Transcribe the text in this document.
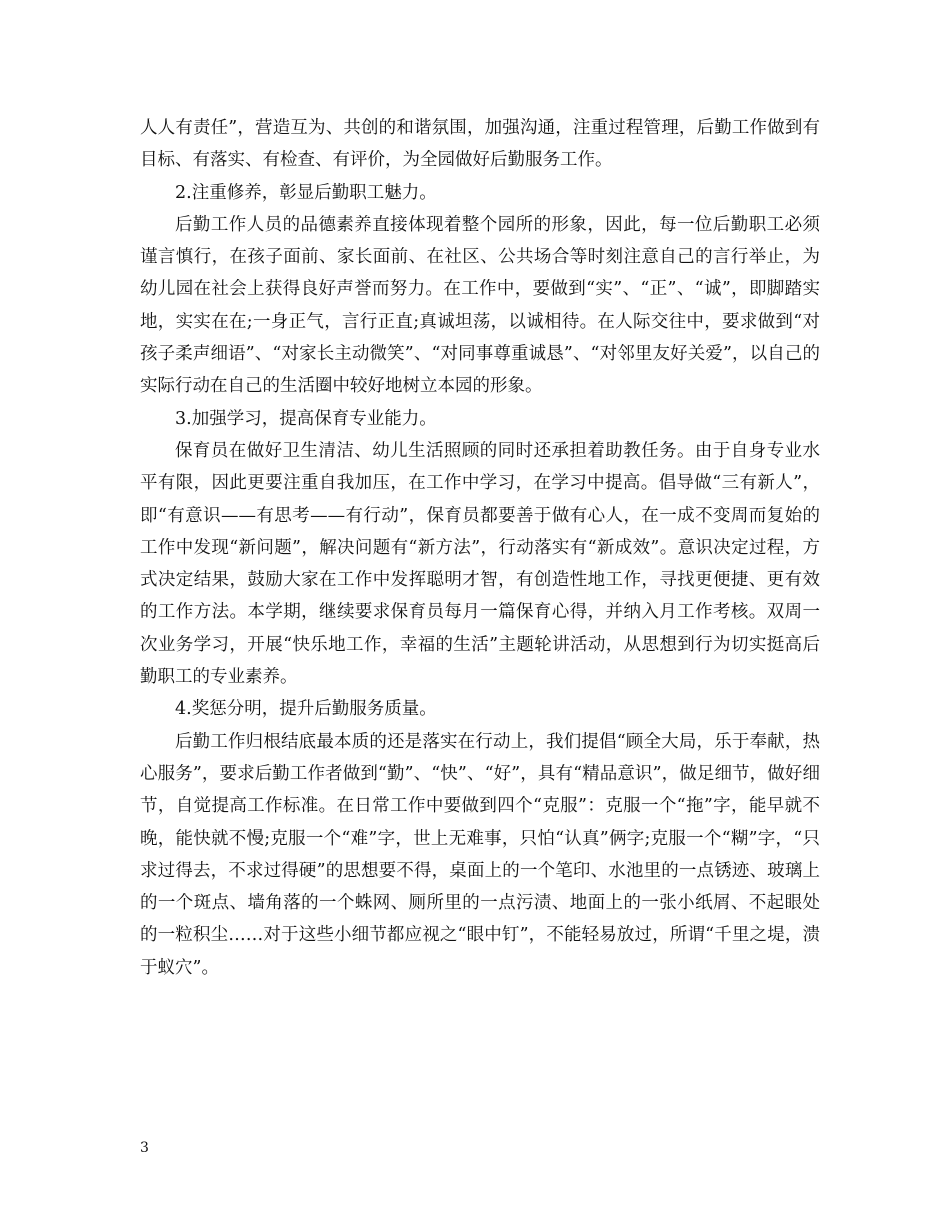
人人有责任”，营造互为、共创的和谐氛围，加强沟通，注重过程管理，后勤工作做到有目标、有落实、有检查、有评价，为全园做好后勤服务工作。

2.注重修养，彰显后勤职工魅力。

后勤工作人员的品德素养直接体现着整个园所的形象，因此，每一位后勤职工必须谨言慎行，在孩子面前、家长面前、在社区、公共场合等时刻注意自己的言行举止，为幼儿园在社会上获得良好声誉而努力。在工作中，要做到“实”、“正”、“诚”，即脚踏实地，实实在在;一身正气，言行正直;真诚坦荡，以诚相待。在人际交往中，要求做到“对孩子柔声细语”、“对家长主动微笑”、“对同事尊重诚恳”、“对邻里友好关爱”，以自己的实际行动在自己的生活圈中较好地树立本园的形象。

3.加强学习，提高保育专业能力。

保育员在做好卫生清洁、幼儿生活照顾的同时还承担着助教任务。由于自身专业水平有限，因此更要注重自我加压，在工作中学习，在学习中提高。倡导做“三有新人”，即“有意识——有思考——有行动”，保育员都要善于做有心人，在一成不变周而复始的工作中发现“新问题”，解决问题有“新方法”，行动落实有“新成效”。意识决定过程，方式决定结果，鼓励大家在工作中发挥聪明才智，有创造性地工作，寻找更便捷、更有效的工作方法。本学期，继续要求保育员每月一篇保育心得，并纳入月工作考核。双周一次业务学习，开展“快乐地工作，幸福的生活”主题轮讲活动，从思想到行为切实挺高后勤职工的专业素养。

4.奖惩分明，提升后勤服务质量。

后勤工作归根结底最本质的还是落实在行动上，我们提倡“顾全大局，乐于奉献，热心服务”，要求后勤工作者做到“勤”、“快”、“好”，具有“精品意识”，做足细节，做好细节，自觉提高工作标准。在日常工作中要做到四个“克服”：克服一个“拖”字，能早就不晚，能快就不慢;克服一个“难”字，世上无难事，只怕“认真”俩字;克服一个“糊”字，“只求过得去，不求过得硬”的思想要不得，桌面上的一个笔印、水池里的一点锈迹、玻璃上的一个斑点、墙角落的一个蛛网、厕所里的一点污渍、地面上的一张小纸屑、不起眼处的一粒积尘……对于这些小细节都应视之“眼中钉”，不能轻易放过，所谓“千里之堤，溃于蚁穴”。

3
